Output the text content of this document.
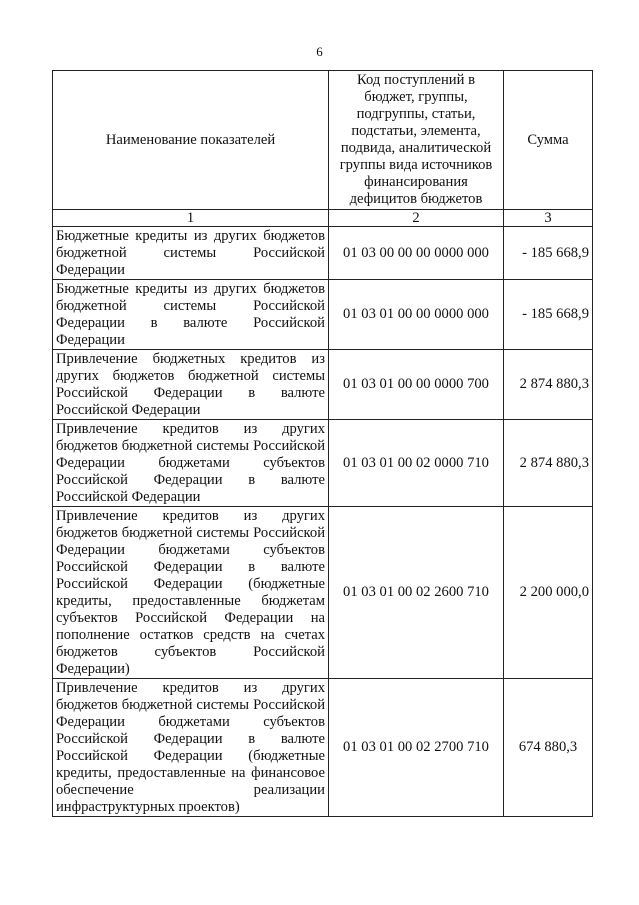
6
Наименование показателей	Код поступлений в бюджет, группы, подгруппы, статьи, подстатьи, элемента, подвида, аналитической группы вида источников финансирования дефицитов бюджетов	Сумма
1	2	3
Бюджетные кредиты из других бюджетов бюджетной системы Российской Федерации	01 03 00 00 00 0000 000	- 185 668,9
Бюджетные кредиты из других бюджетов бюджетной системы Российской Федерации в валюте Российской Федерации	01 03 01 00 00 0000 000	- 185 668,9
Привлечение бюджетных кредитов из других бюджетов бюджетной системы Российской Федерации в валюте Российской Федерации	01 03 01 00 00 0000 700	2 874 880,3
Привлечение кредитов из других бюджетов бюджетной системы Российской Федерации бюджетами субъектов Российской Федерации в валюте Российской Федерации	01 03 01 00 02 0000 710	2 874 880,3
Привлечение кредитов из других бюджетов бюджетной системы Российской Федерации бюджетами субъектов Российской Федерации в валюте Российской Федерации (бюджетные кредиты, предоставленные бюджетам субъектов Российской Федерации на пополнение остатков средств на счетах бюджетов субъектов Российской Федерации)	01 03 01 00 02 2600 710	2 200 000,0
Привлечение кредитов из других бюджетов бюджетной системы Российской Федерации бюджетами субъектов Российской Федерации в валюте Российской Федерации (бюджетные кредиты, предоставленные на финансовое обеспечение реализации инфраструктурных проектов)	01 03 01 00 02 2700 710	674 880,3
